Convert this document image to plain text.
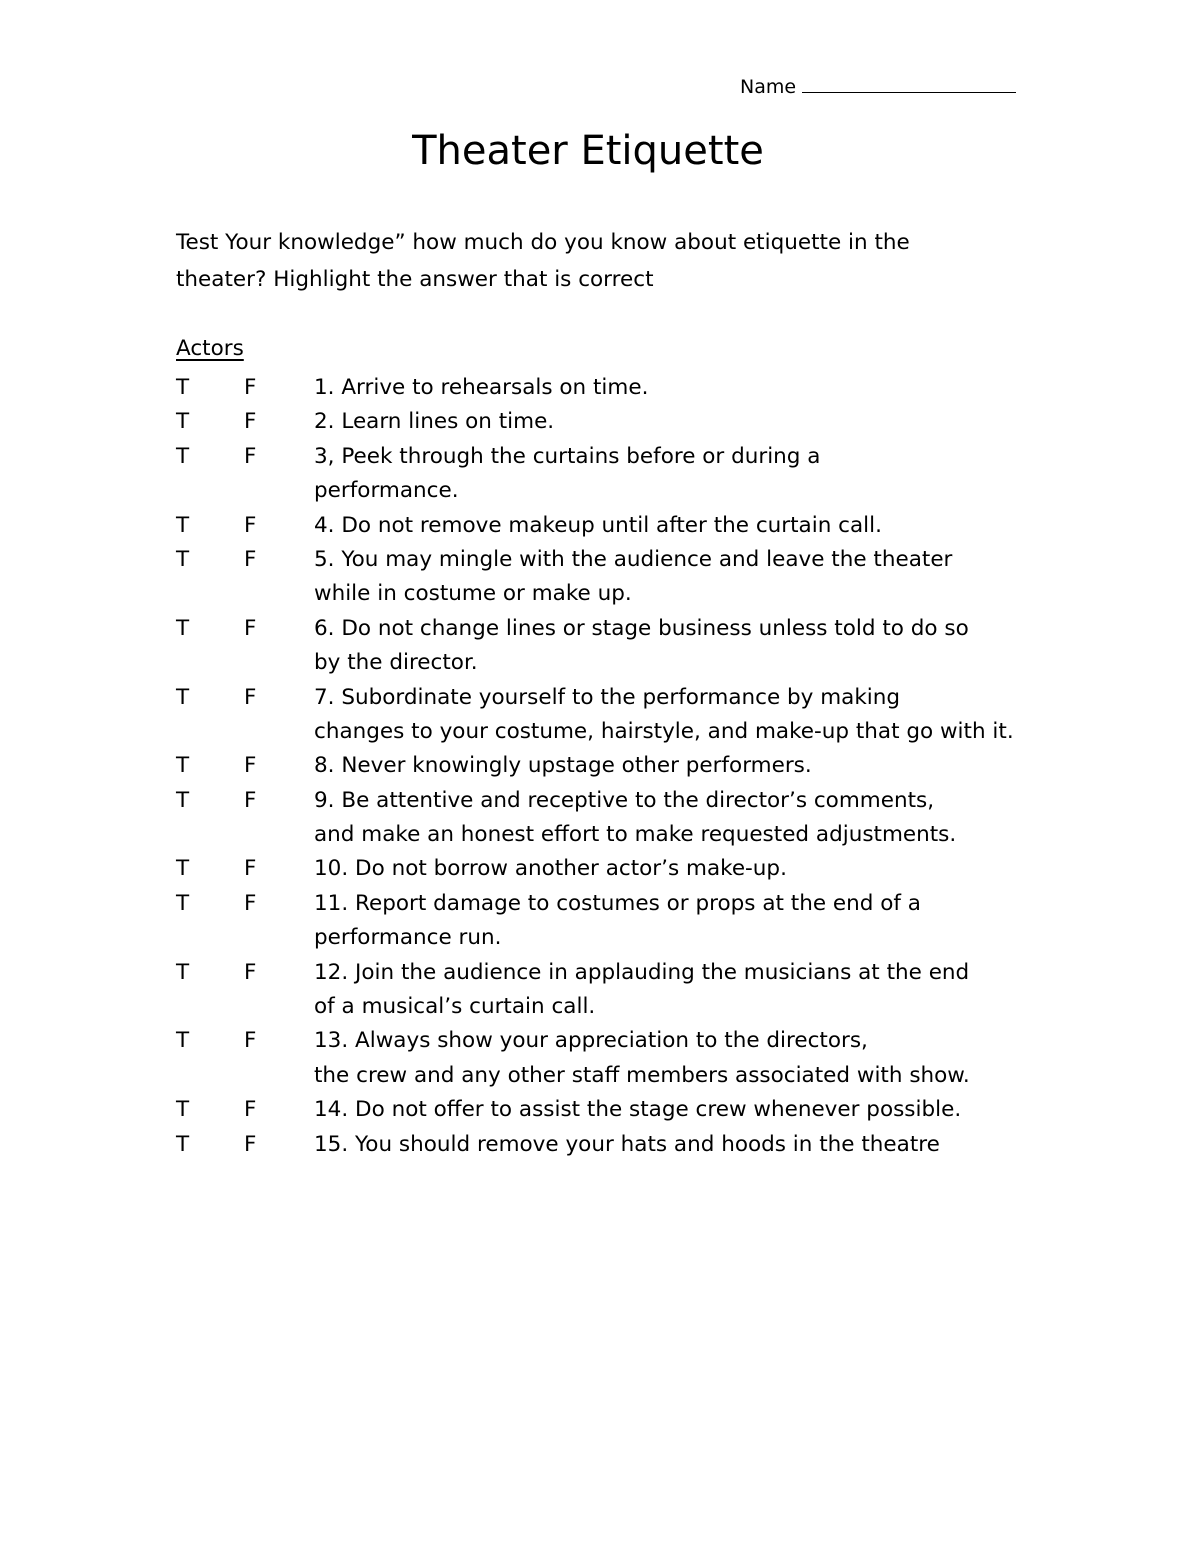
Name
Theater Etiquette
Test Your knowledge” how much do you know about etiquette in the
theater? Highlight the answer that is correct
Actors
T	F	1. Arrive to rehearsals on time.
T	F	2. Learn lines on time.
T	F	3, Peek through the curtains before or during a
performance.
T	F	4. Do not remove makeup until after the curtain call.
T	F	5. You may mingle with the audience and leave the theater
while in costume or make up.
T	F	6. Do not change lines or stage business unless told to do so
by the director.
T	F	7. Subordinate yourself to the performance by making
changes to your costume, hairstyle, and make-up that go with it.
T	F	8. Never knowingly upstage other performers.
T	F	9. Be attentive and receptive to the director’s comments,
and make an honest effort to make requested adjustments.
T	F	10. Do not borrow another actor’s make-up.
T	F	11. Report damage to costumes or props at the end of a
performance run.
T	F	12. Join the audience in applauding the musicians at the end
of a musical’s curtain call.
T	F	13. Always show your appreciation to the directors,
the crew and any other staff members associated with show.
T	F	14. Do not offer to assist the stage crew whenever possible.
T	F	15. You should remove your hats and hoods in the theatre
